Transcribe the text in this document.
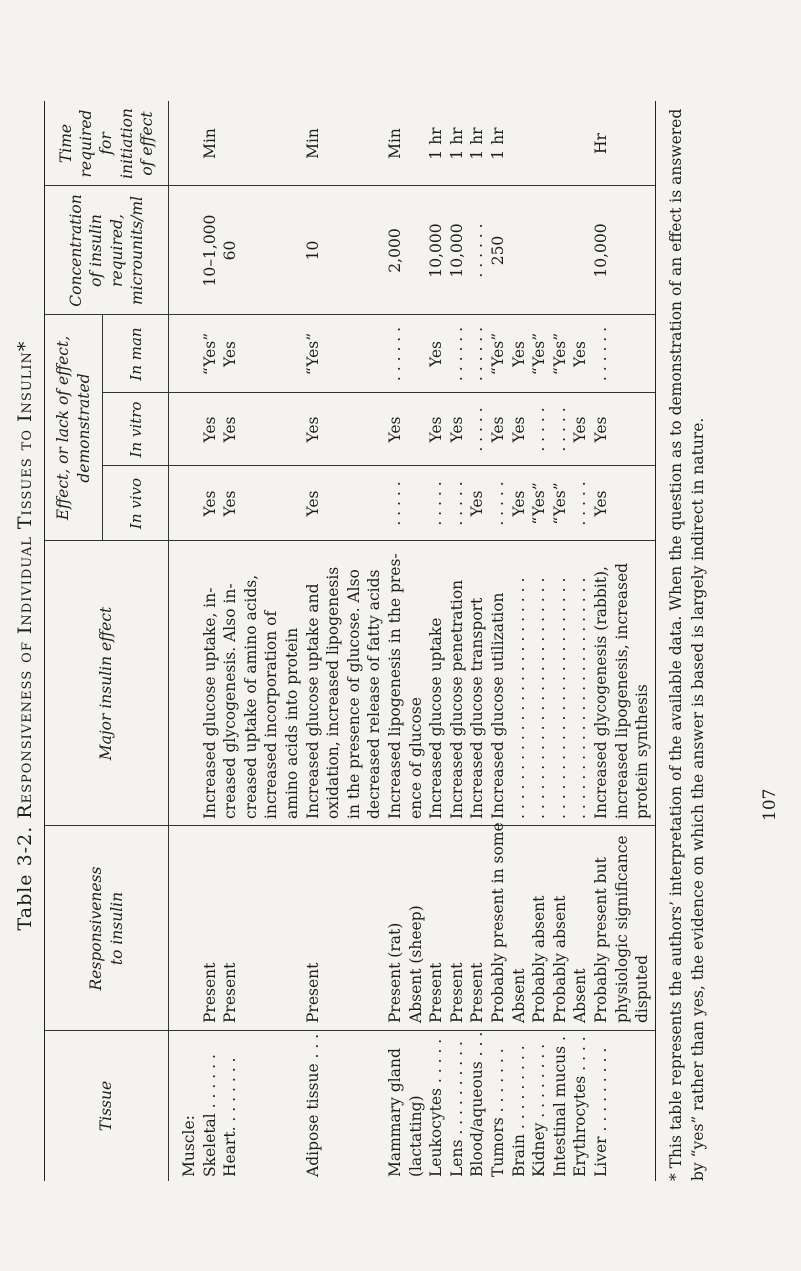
Table 3-2. Responsiveness of Individual Tissues to Insulin*
Tissue
Responsiveness to insulin
Major insulin effect
Effect, or lack of effect, demonstrated
In vivo
In vitro
In man
Concentration of insulin required, microunits/ml
Time required for initiation of effect
Muscle: Skeletal . . . . . .
Present
Increased glucose uptake, in-
Yes
Yes
“Yes”
10–1,000
Min
Heart. . . . . . . .
Present
creased glycogenesis. Also in-
Yes
Yes
Yes
60
creased uptake of amino acids, increased incorporation of amino acids into protein
Adipose tissue . . .
Present
Increased glucose uptake and
Yes
Yes
“Yes”
10
Min
oxidation, increased lipogenesis in the presence of glucose. Also decreased release of fatty acids
Mammary gland
Present (rat)
Increased lipogenesis in the pres-
. . . . .
Yes
. . . . . .
2,000
Min
(lactating)
Absent (sheep)
ence of glucose
Leukocytes . . . . .
Present
Increased glucose uptake
. . . . .
Yes
Yes
10,000
1 hr
Lens . . . . . . . . . .
Present
Increased glucose penetration
. . . . .
Yes
. . . . . .
10,000
1 hr
Blood/aqueous . . .
Present
Increased glucose transport
Yes
. . . . .
. . . . . .
. . . . . .
1 hr
Tumors . . . . . . .
Probably present in some
Increased glucose utilization
. . . . .
Yes
“Yes”
250
1 hr
Brain . . . . . . . . .
Absent
. . . . . . . . . . . . . . . . . . . . . . . . .
Yes
Yes
Yes
Kidney . . . . . . . .
Probably absent
. . . . . . . . . . . . . . . . . . . . . . . . .
“Yes”
. . . . .
“Yes”
Intestinal mucus .
Probably absent
. . . . . . . . . . . . . . . . . . . . . . . . .
“Yes”
. . . . .
“Yes”
Erythrocytes . . . .
Absent
. . . . . . . . . . . . . . . . . . . . . . . . .
. . . . .
Yes
Yes
Liver . . . . . . . . .
Probably present but
Increased glycogenesis (rabbit),
Yes
Yes
. . . . . .
10,000
Hr
physiologic significance
increased lipogenesis, increased
disputed
protein synthesis * This table represents the authors’ interpretation of the available data. When the question as to demonstration of an effect is answered by “yes” rather than yes, the evidence on which the answer is based is largely indirect in nature.	107
